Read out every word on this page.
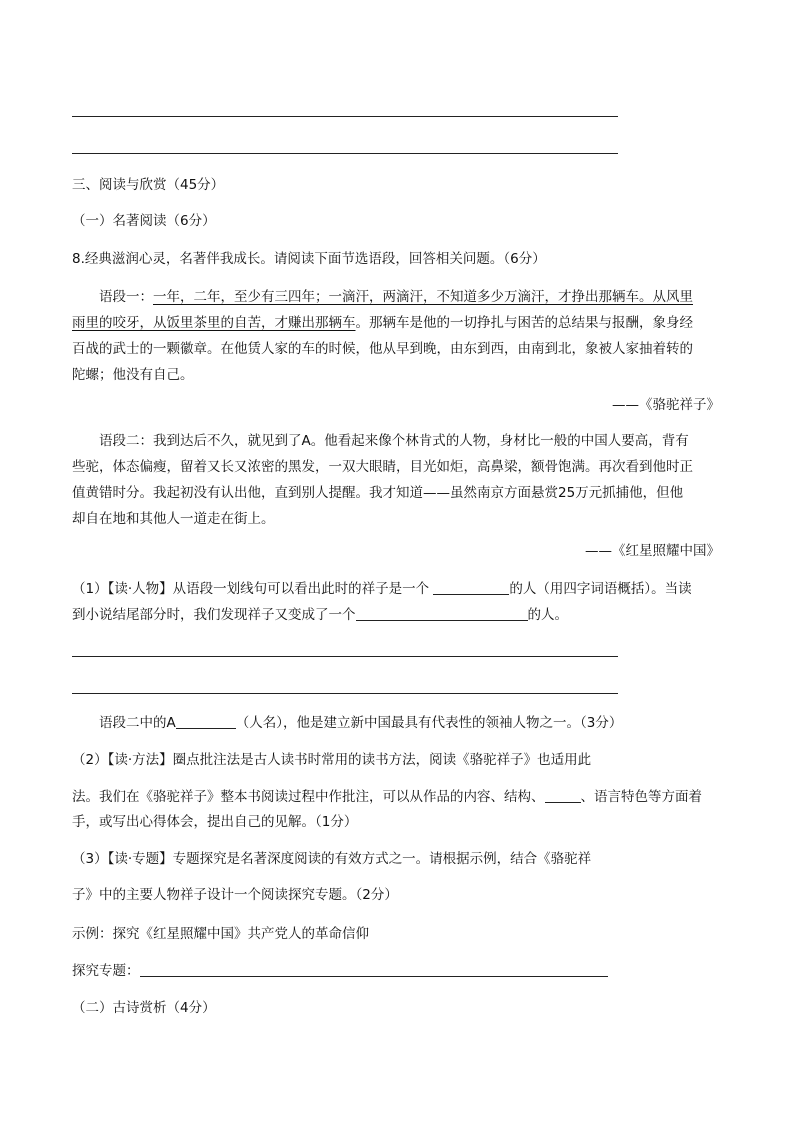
三、阅读与欣赏（45分）
（一）名著阅读（6分）
8.经典滋润心灵，名著伴我成长。请阅读下面节选语段，回答相关问题。（6分）

语段一：一年，二年，至少有三四年；一滴汗，两滴汗，不知道多少万滴汗，才挣出那辆车。从风里

雨里的咬牙，从饭里茶里的自苦，才赚出那辆车。那辆车是他的一切挣扎与困苦的总结果与报酬，象身经

百战的武士的一颗徽章。在他赁人家的车的时候，他从早到晚，由东到西，由南到北，象被人家抽着转的

陀螺；他没有自己。

——《骆驼祥子》

语段二：我到达后不久，就见到了A。他看起来像个林肯式的人物，身材比一般的中国人要高，背有

些驼，体态偏瘦，留着又长又浓密的黑发，一双大眼睛，目光如炬，高鼻梁，额骨饱满。再次看到他时正

值黄错时分。我起初没有认出他，直到别人提醒。我才知道——虽然南京方面悬赏25万元抓捕他，但他

却自在地和其他人一道走在街上。

——《红星照耀中国》

（1）【读·人物】从语段一划线句可以看出此时的祥子是一个	的人（用四字词语概括）。当读

到小说结尾部分时，我们发现祥子又变成了一个	的人。

语段二中的A	（人名），他是建立新中国最具有代表性的领袖人物之一。（3分）
（2）【读·方法】圈点批注法是古人读书时常用的读书方法，阅读《骆驼祥子》也适用此
法。我们在《骆驼祥子》整本书阅读过程中作批注，可以从作品的内容、结构、	、语言特色等方面着
手，或写出心得体会，提出自己的见解。（1分）
（3）【读·专题】专题探究是名著深度阅读的有效方式之一。请根据示例，结合《骆驼祥
子》中的主要人物祥子设计一个阅读探究专题。（2分）
示例：探究《红星照耀中国》共产党人的革命信仰
探究专题：
（二）古诗赏析（4分）
